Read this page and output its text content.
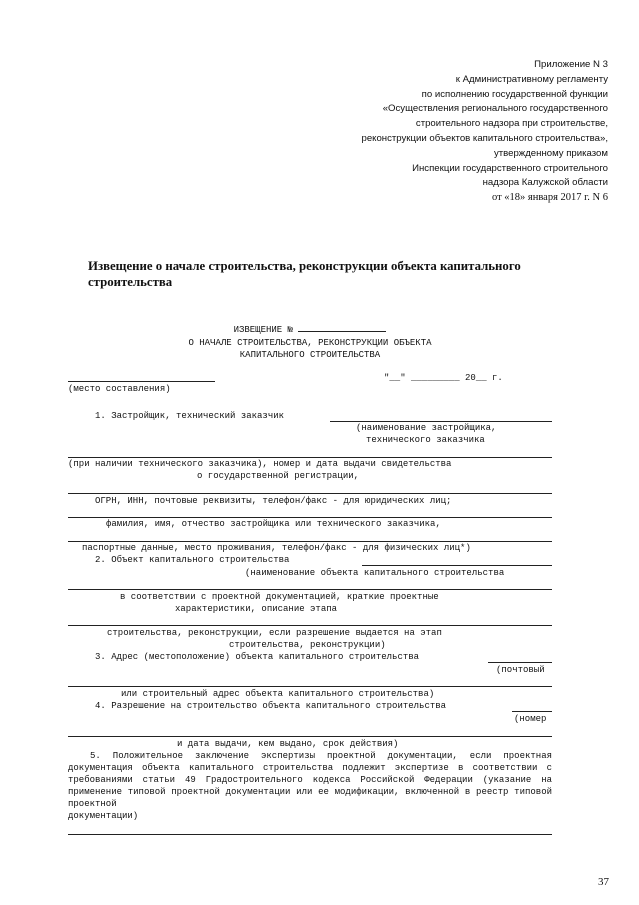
Приложение N 3
к Административному регламенту
по исполнению государственной функции
«Осуществления регионального государственного
строительного надзора при строительстве,
реконструкции объектов капитального строительства»,
утвержденному приказом
Инспекции государственного строительного
надзора Калужской области
от «18» января 2017 г. N 6
Извещение о начале строительства, реконструкции объекта капитального строительства
ИЗВЕЩЕНИЕ №
О НАЧАЛЕ СТРОИТЕЛЬСТВА, РЕКОНСТРУКЦИИ ОБЪЕКТА
КАПИТАЛЬНОГО СТРОИТЕЛЬСТВА
(место составления)
"__" _________ 20__ г.
1. Застройщик, технический заказчик
(наименование застройщика,
технического заказчика
(при наличии технического заказчика), номер и дата выдачи свидетельства
о государственной регистрации,
ОГРН, ИНН, почтовые реквизиты, телефон/факс - для юридических лиц;
фамилия, имя, отчество застройщика или технического заказчика,
паспортные данные, место проживания, телефон/факс - для физических лиц*)
2. Объект капитального строительства
(наименование объекта капитального строительства
в соответствии с проектной документацией, краткие проектные
характеристики, описание этапа
строительства, реконструкции, если разрешение выдается на этап
строительства, реконструкции)
3. Адрес (местоположение) объекта капитального строительства
(почтовый
или строительный адрес объекта капитального строительства)
4. Разрешение на строительство объекта капитального строительства
(номер
и дата выдачи, кем выдано, срок действия)
5. Положительное заключение экспертизы проектной документации, если проектная документация объекта капитального строительства подлежит экспертизе в соответствии с требованиями статьи 49 Градостроительного кодекса Российской Федерации (указание на применение типовой проектной документации или ее модификации, включенной в реестр типовой проектной
документации)
37
